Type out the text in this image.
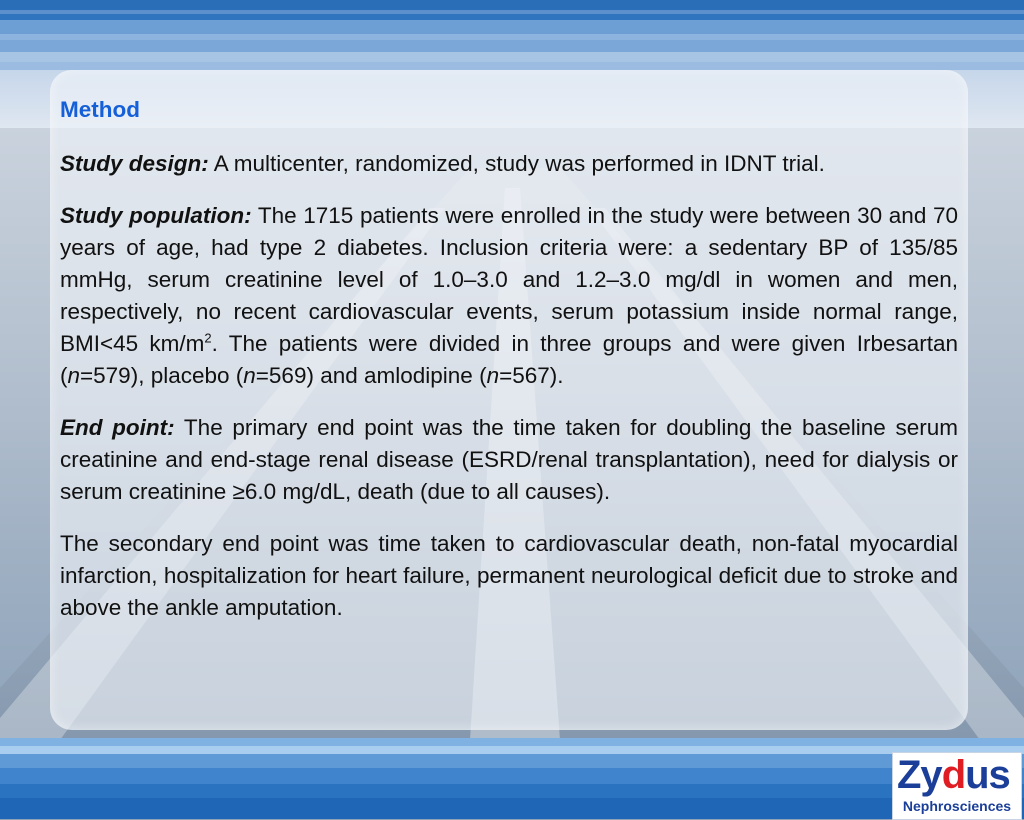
Method

Study design: A multicenter, randomized, study was performed in IDNT trial.

Study population: The 1715 patients were enrolled in the study were between 30 and 70 years of age, had type 2 diabetes. Inclusion criteria were: a sedentary BP of 135/85 mmHg, serum creatinine level of 1.0–3.0 and 1.2–3.0 mg/dl in women and men, respectively, no recent cardiovascular events, serum potassium inside normal range, BMI<45 $km/m^2$. The patients were divided in three groups and were given Irbesartan (n=579), placebo (n=569) and amlodipine (n=567).

End point: The primary end point was the time taken for doubling the baseline serum creatinine and end-stage renal disease (ESRD/renal transplantation), need for dialysis or serum creatinine ≥6.0 mg/dL, death (due to all causes).

The secondary end point was time taken to cardiovascular death, non-fatal myocardial infarction, hospitalization for heart failure, permanent neurological deficit due to stroke and above the ankle amputation.

Zydus
Nephrosciences
